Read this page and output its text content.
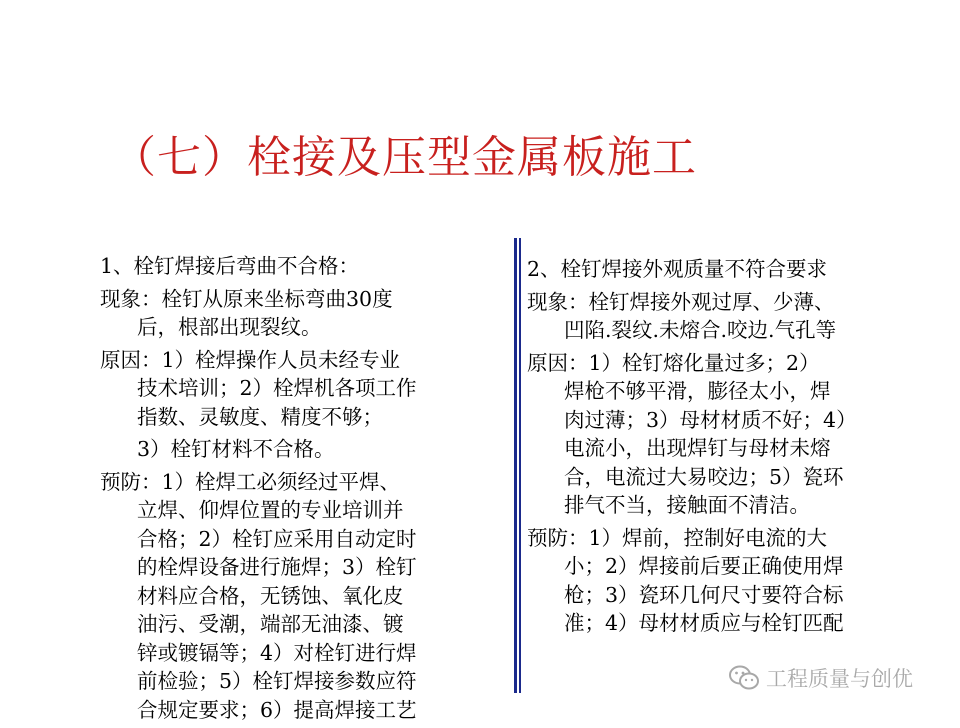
（七）栓接及压型金属板施工
1、栓钉焊接后弯曲不合格：
现象：栓钉从原来坐标弯曲30度
后，根部出现裂纹。
原因：1）栓焊操作人员未经专业
技术培训；2）栓焊机各项工作
指数、灵敏度、精度不够；
3）栓钉材料不合格。
预防：1）栓焊工必须经过平焊、
立焊、仰焊位置的专业培训并
合格；2）栓钉应采用自动定时
的栓焊设备进行施焊；3）栓钉
材料应合格，无锈蚀、氧化皮
油污、受潮，端部无油漆、镀
锌或镀镉等；4）对栓钉进行焊
前检验；5）栓钉焊接参数应符
合规定要求；6）提高焊接工艺
2、栓钉焊接外观质量不符合要求
现象：栓钉焊接外观过厚、少薄、
凹陷.裂纹.未熔合.咬边.气孔等
原因：1）栓钉熔化量过多；2）
焊枪不够平滑，膨径太小，焊
肉过薄；3）母材材质不好；4）
电流小，出现焊钉与母材未熔
合，电流过大易咬边；5）瓷环
排气不当，接触面不清洁。
预防：1）焊前，控制好电流的大
小；2）焊接前后要正确使用焊
枪；3）瓷环几何尺寸要符合标
准；4）母材材质应与栓钉匹配
工程质量与创优
